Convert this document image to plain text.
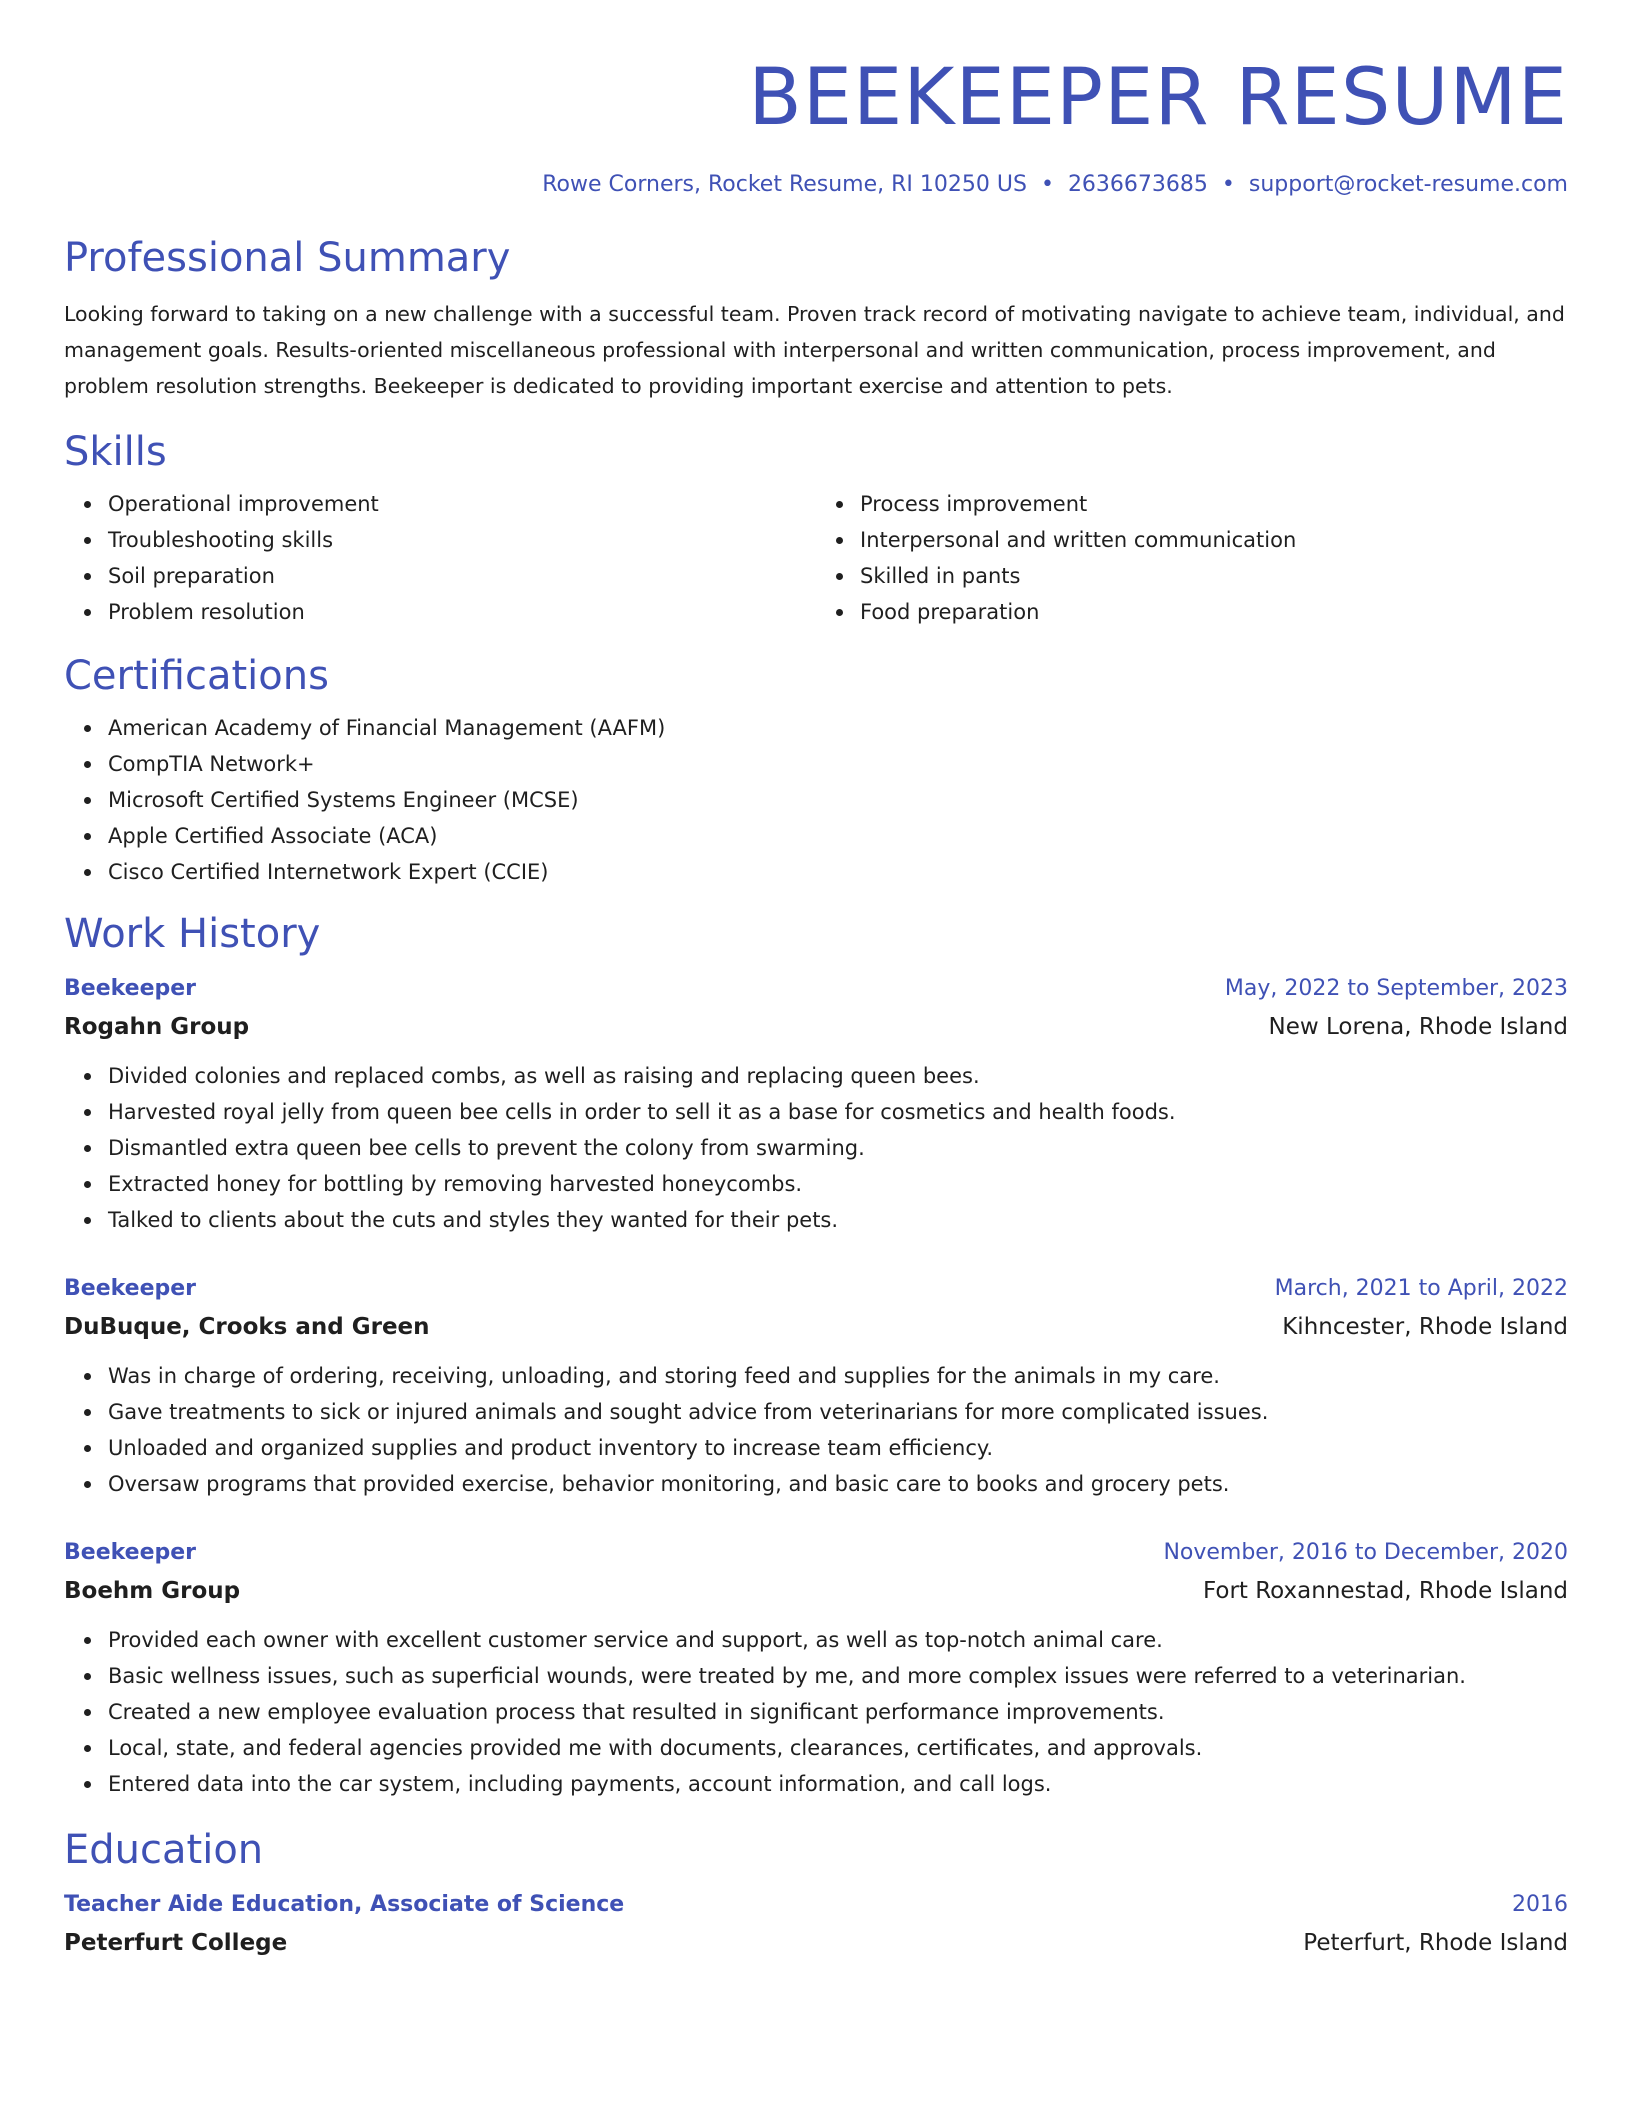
BEEKEEPER RESUME
Rowe Corners, Rocket Resume, RI 10250 US • 2636673685 • support@rocket-resume.com
Professional Summary

Looking forward to taking on a new challenge with a successful team. Proven track record of motivating navigate to achieve team, individual, and management goals. Results-oriented miscellaneous professional with interpersonal and written communication, process improvement, and problem resolution strengths. Beekeeper is dedicated to providing important exercise and attention to pets.

Skills
Operational improvement
Troubleshooting skills
Soil preparation
Problem resolution
Process improvement
Interpersonal and written communication
Skilled in pants
Food preparation
Certifications
American Academy of Financial Management (AAFM)
CompTIA Network+
Microsoft Certified Systems Engineer (MCSE)
Apple Certified Associate (ACA)
Cisco Certified Internetwork Expert (CCIE)
Work History
Beekeeper	May, 2022 to September, 2023
Rogahn Group	New Lorena, Rhode Island
Divided colonies and replaced combs, as well as raising and replacing queen bees.
Harvested royal jelly from queen bee cells in order to sell it as a base for cosmetics and health foods.
Dismantled extra queen bee cells to prevent the colony from swarming.
Extracted honey for bottling by removing harvested honeycombs.
Talked to clients about the cuts and styles they wanted for their pets.
Beekeeper	March, 2021 to April, 2022
DuBuque, Crooks and Green	Kihncester, Rhode Island
Was in charge of ordering, receiving, unloading, and storing feed and supplies for the animals in my care.
Gave treatments to sick or injured animals and sought advice from veterinarians for more complicated issues.
Unloaded and organized supplies and product inventory to increase team efficiency.
Oversaw programs that provided exercise, behavior monitoring, and basic care to books and grocery pets.
Beekeeper	November, 2016 to December, 2020
Boehm Group	Fort Roxannestad, Rhode Island
Provided each owner with excellent customer service and support, as well as top-notch animal care.
Basic wellness issues, such as superficial wounds, were treated by me, and more complex issues were referred to a veterinarian.
Created a new employee evaluation process that resulted in significant performance improvements.
Local, state, and federal agencies provided me with documents, clearances, certificates, and approvals.
Entered data into the car system, including payments, account information, and call logs.
Education
Teacher Aide Education, Associate of Science	2016
Peterfurt College	Peterfurt, Rhode Island
